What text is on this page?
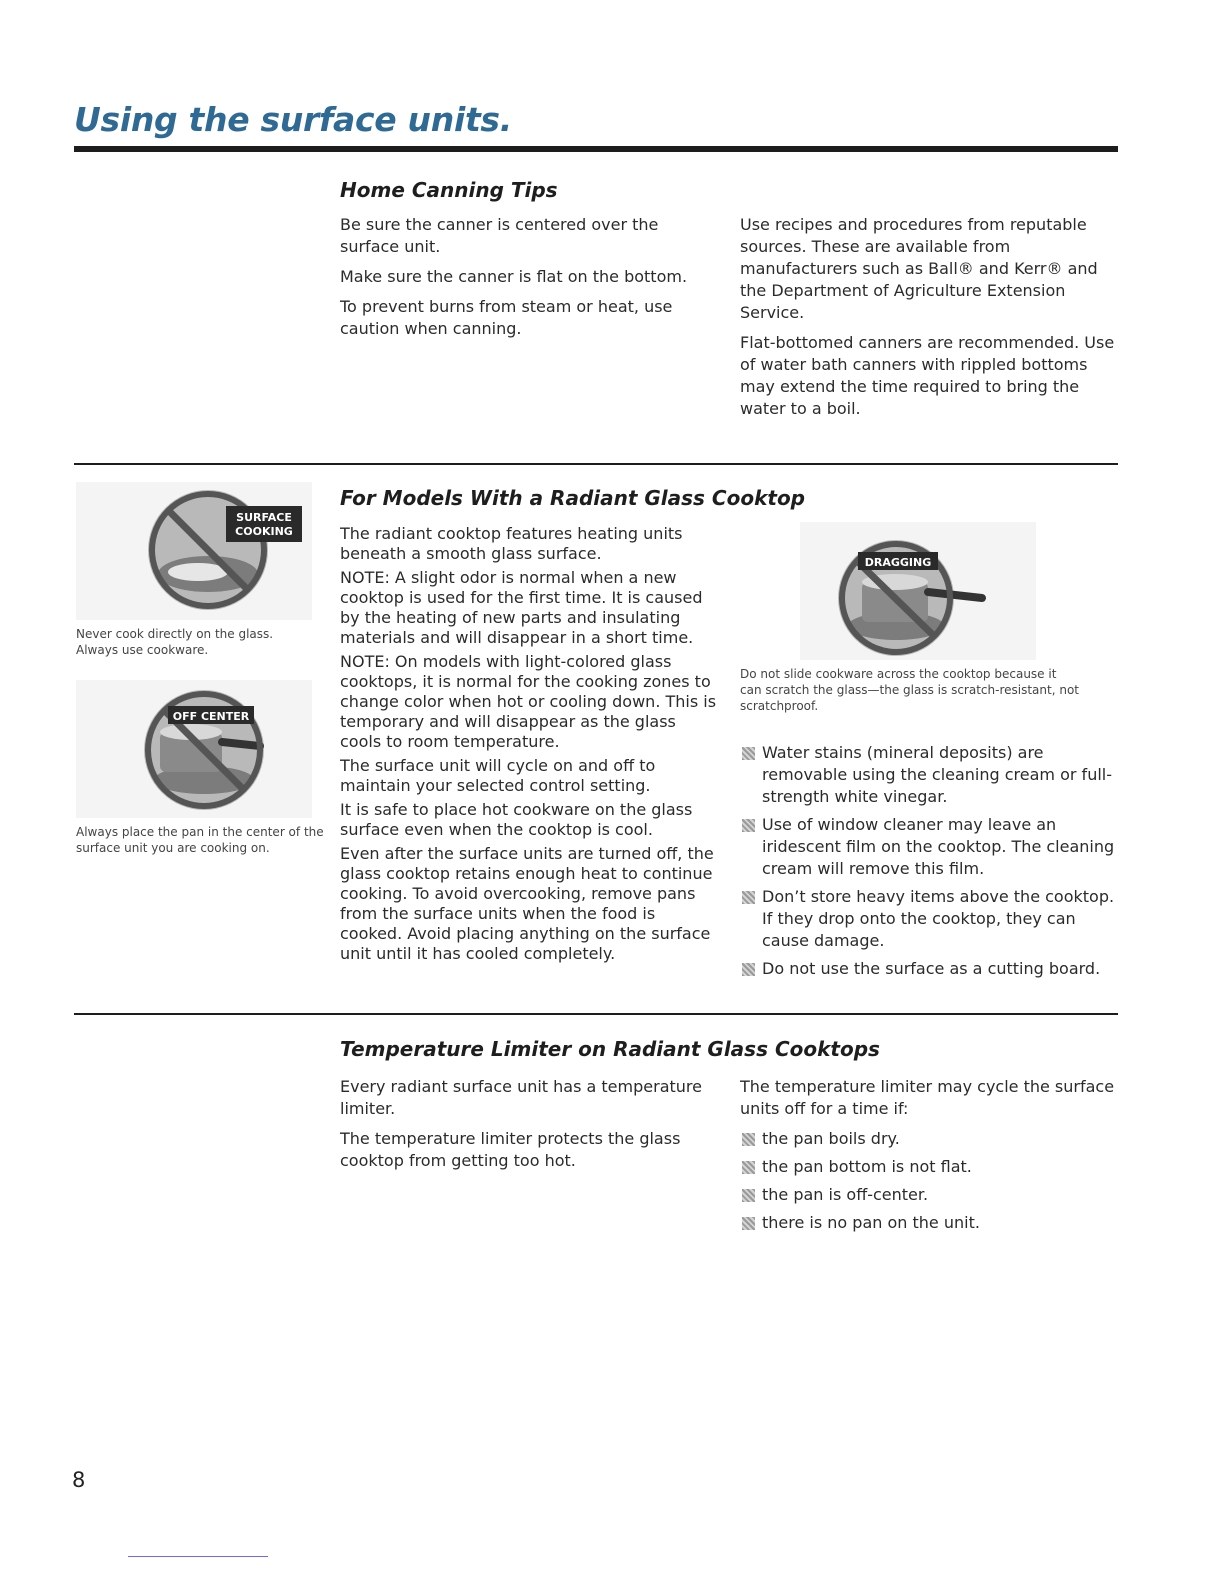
Using the surface units.
Home Canning Tips

Be sure the canner is centered over the surface unit.

Make sure the canner is flat on the bottom.

To prevent burns from steam or heat, use caution when canning.

Use recipes and procedures from reputable sources. These are available from manufacturers such as Ball® and Kerr® and the Department of Agriculture Extension Service.

Flat-bottomed canners are recommended. Use of water bath canners with rippled bottoms may extend the time required to bring the water to a boil.

For Models With a Radiant Glass Cooktop
SURFACE
COOKING
Never cook directly on the glass. Always use cookware.
OFF CENTER
Always place the pan in the center of the surface unit you are cooking on.

The radiant cooktop features heating units beneath a smooth glass surface.

NOTE: A slight odor is normal when a new cooktop is used for the first time. It is caused by the heating of new parts and insulating materials and will disappear in a short time.

NOTE: On models with light-colored glass cooktops, it is normal for the cooking zones to change color when hot or cooling down. This is temporary and will disappear as the glass cools to room temperature.

The surface unit will cycle on and off to maintain your selected control setting.

It is safe to place hot cookware on the glass surface even when the cooktop is cool.

Even after the surface units are turned off, the glass cooktop retains enough heat to continue cooking. To avoid overcooking, remove pans from the surface units when the food is cooked. Avoid placing anything on the surface unit until it has cooled completely.

DRAGGING
Do not slide cookware across the cooktop because it can scratch the glass—the glass is scratch-resistant, not scratchproof.
Water stains (mineral deposits) are removable using the cleaning cream or full-strength white vinegar.
Use of window cleaner may leave an iridescent film on the cooktop. The cleaning cream will remove this film.
Don’t store heavy items above the cooktop. If they drop onto the cooktop, they can cause damage.
Do not use the surface as a cutting board.
Temperature Limiter on Radiant Glass Cooktops

Every radiant surface unit has a temperature limiter.

The temperature limiter protects the glass cooktop from getting too hot.

The temperature limiter may cycle the surface units off for a time if:

the pan boils dry.
the pan bottom is not flat.
the pan is off-center.
there is no pan on the unit.
8
